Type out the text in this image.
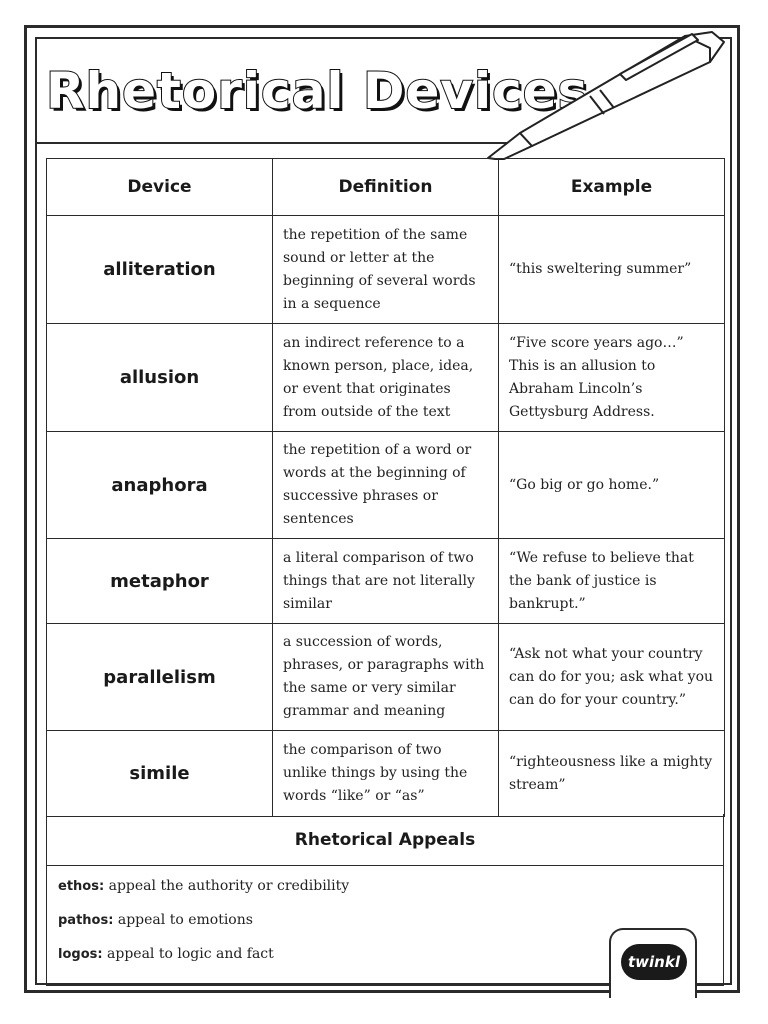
Rhetorical Devices
Device	Definition	Example
alliteration	the repetition of the same sound or letter at the beginning of several words in a sequence	“this sweltering summer”
allusion	an indirect reference to a known person, place, idea, or event that originates from outside of the text	“Five score years ago…” This is an allusion to Abraham Lincoln’s Gettysburg Address.
anaphora	the repetition of a word or words at the beginning of successive phrases or sentences	“Go big or go home.”
metaphor	a literal comparison of two things that are not literally similar	“We refuse to believe that the bank of justice is bankrupt.”
parallelism	a succession of words, phrases, or paragraphs with the same or very similar grammar and meaning	“Ask not what your country can do for you; ask what you can do for your country.”
simile	the comparison of two unlike things by using the words “like” or “as”	“righteousness like a mighty stream”
Rhetorical Appeals
ethos: appeal the authority or credibility
pathos: appeal to emotions
logos: appeal to logic and fact	twinkl
